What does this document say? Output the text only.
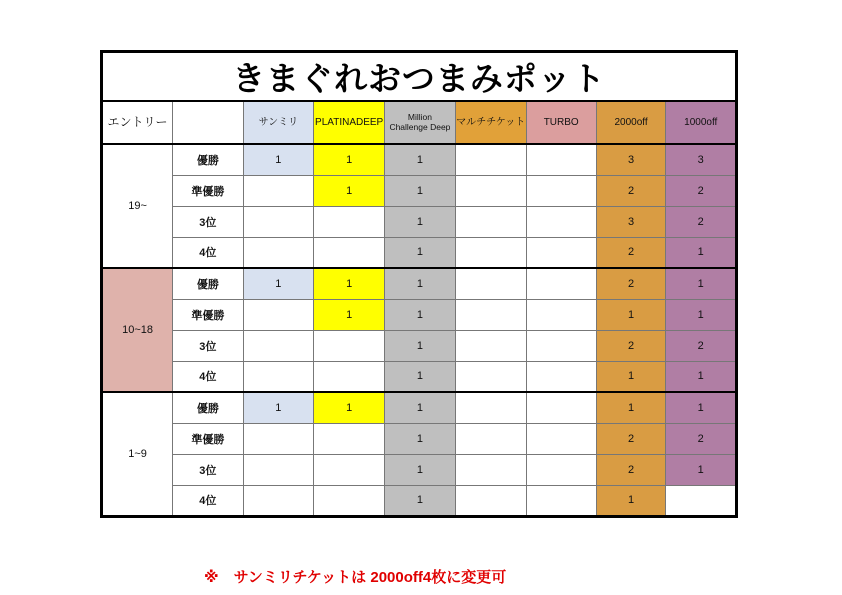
きまぐれおつまみポット								
エントリー		サンミリ	PLATINADEEP	Million Challenge Deep	マルチチケット	TURBO	2000off	1000off
19~	優勝	1	1	1			3	3
	準優勝		1	1			2	2
	3位			1			3	2
	4位			1			2	1
10~18	優勝	1	1	1			2	1
	準優勝		1	1			1	1
	3位			1			2	2
	4位			1			1	1
1~9	優勝	1	1	1			1	1
	準優勝			1			2	2
	3位			1			2	1
	4位			1			1	
※　サンミリチケットは 2000off4枚に変更可
